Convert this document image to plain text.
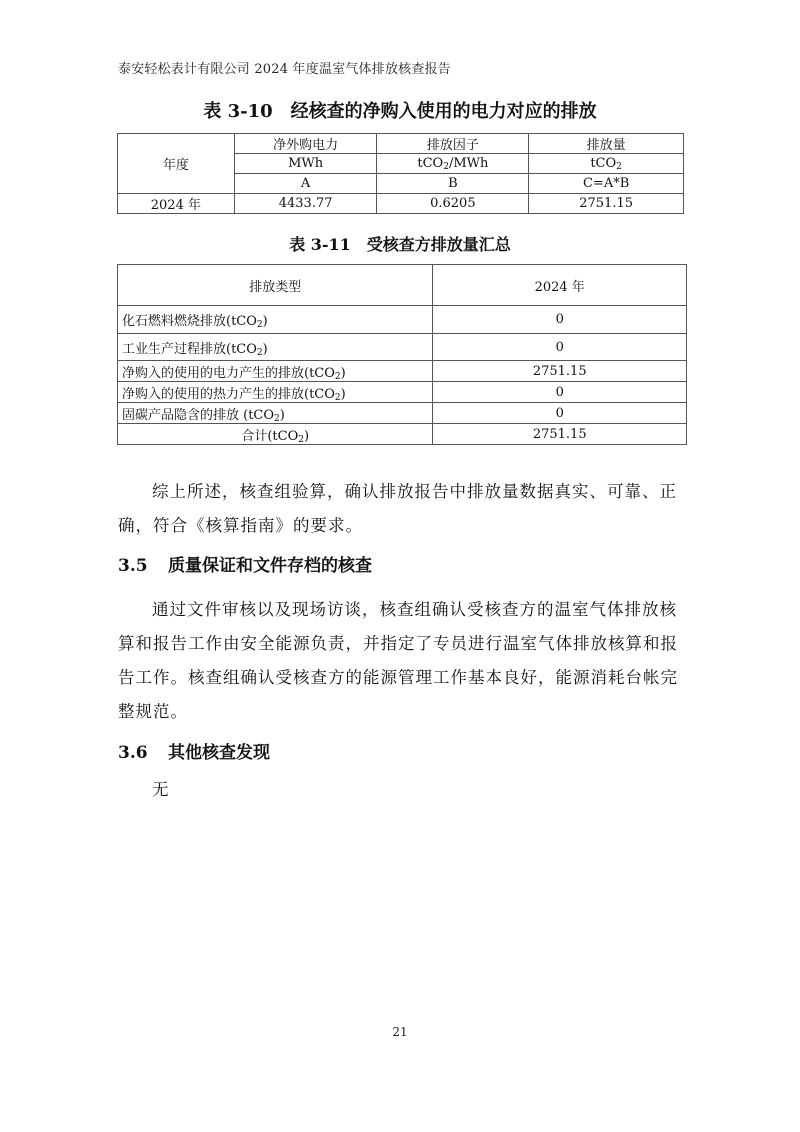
泰安轻松表计有限公司 2024 年度温室气体排放核查报告
表 3-10　经核查的净购入使用的电力对应的排放
年度	净外购电力	排放因子	排放量
	MWh	tCO$_2$/MWh	tCO$_2$
	A	B	C=A*B
2024 年	4433.77	0.6205	2751.15
表 3-11　受核查方排放量汇总
排放类型	2024 年
化石燃料燃烧排放(tCO$_2$)	0
工业生产过程排放(tCO$_2$)	0
净购入的使用的电力产生的排放(tCO$_2$)	2751.15
净购入的使用的热力产生的排放(tCO$_2$)	0
固碳产品隐含的排放 (tCO$_2$)	0
合计(tCO$_2$)	2751.15
综上所述，核查组验算，确认排放报告中排放量数据真实、可靠、正确，符合《核算指南》的要求。
3.5 质量保证和文件存档的核查
通过文件审核以及现场访谈，核查组确认受核查方的温室气体排放核算和报告工作由安全能源负责，并指定了专员进行温室气体排放核算和报告工作。核查组确认受核查方的能源管理工作基本良好，能源消耗台帐完整规范。
3.6 其他核查发现
无
21
